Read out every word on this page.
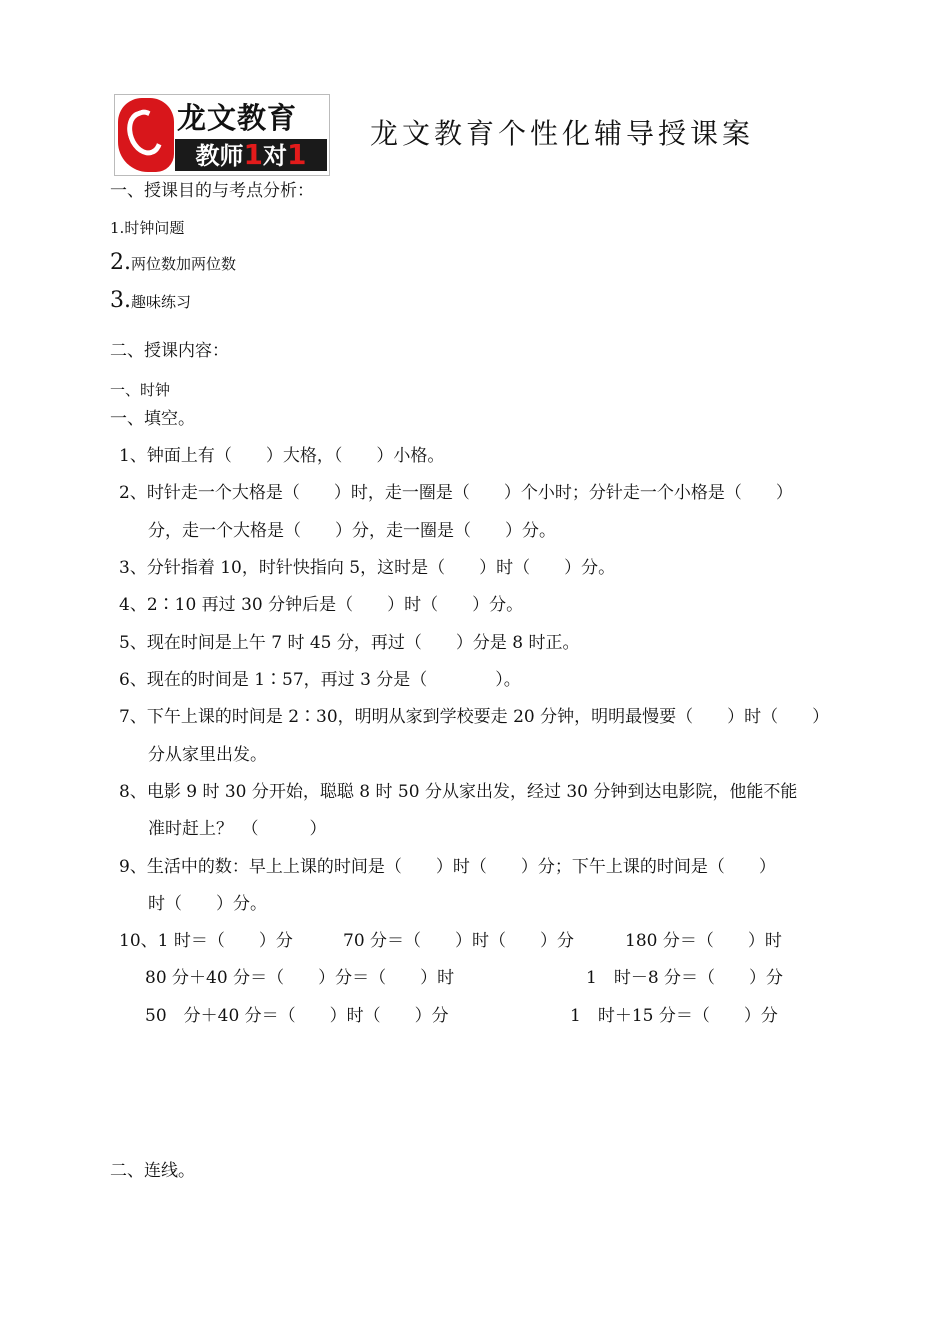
龙文教育
教师1对1
龙文教育个性化辅导授课案
一、授课目的与考点分析：
1.时钟问题
2.两位数加两位数
3.趣味练习
二、授课内容：
一、时钟
一、填空。
1、钟面上有（　　）大格，（　　）小格。
2、时针走一个大格是（　　）时，走一圈是（　　）个小时；分针走一个小格是（　　）
分，走一个大格是（　　）分，走一圈是（　　）分。
3、分针指着 10，时针快指向 5，这时是（　　）时（　　）分。
4、2∶10 再过 30 分钟后是（　　）时（　　）分。
5、现在时间是上午 7 时 45 分，再过（　　）分是 8 时正。
6、现在的时间是 1∶57，再过 3 分是（　　　　）。
7、下午上课的时间是 2∶30，明明从家到学校要走 20 分钟，明明最慢要（　　）时（　　）
分从家里出发。
8、电影 9 时 30 分开始，聪聪 8 时 50 分从家出发，经过 30 分钟到达电影院，他能不能
准时赶上？　（　　　）
9、生活中的数：早上上课的时间是（　　）时（　　）分；下午上课的时间是（　　）
时（　　）分。
10、1 时＝（　　）分	70 分＝（　　）时（　　）分	180 分＝（　　）时
80 分＋40 分＝（　　）分＝（　　）时	1　时－8 分＝（　　）分
50　分＋40 分＝（　　）时（　　）分	1　时＋15 分＝（　　）分
二、连线。
